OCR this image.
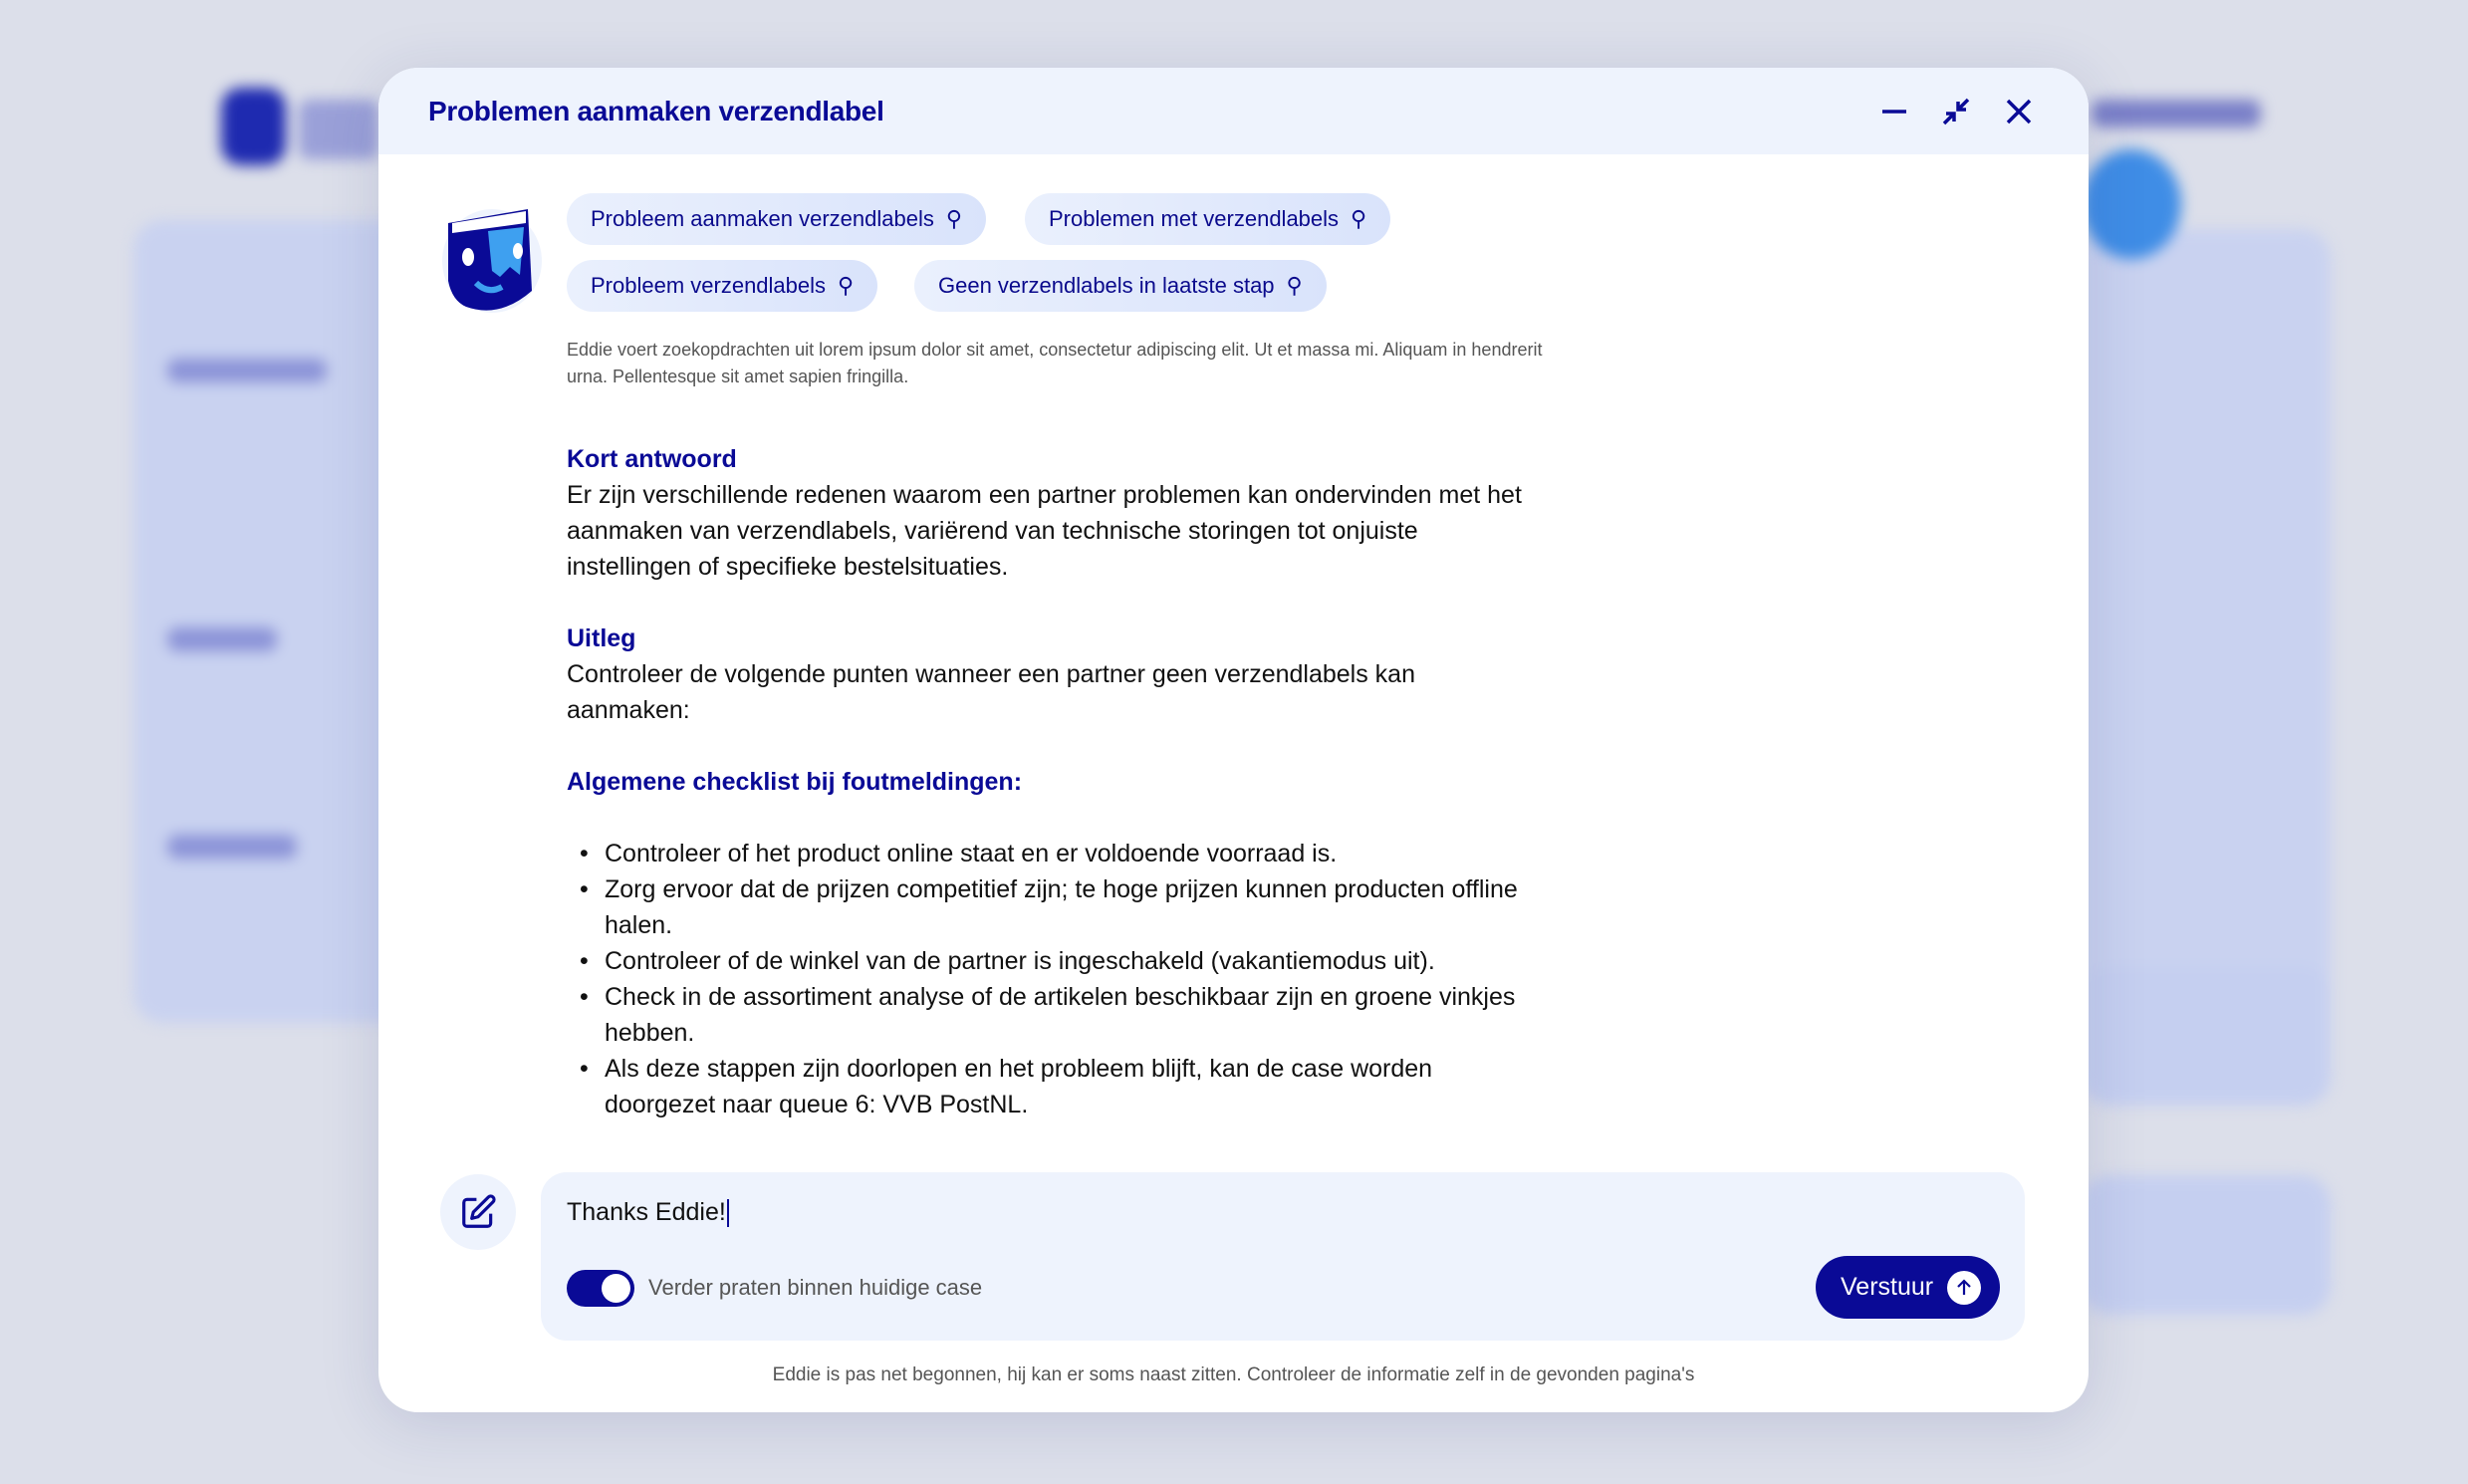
Problemen aanmaken verzendlabel
Probleem aanmaken verzendlabels ⚲	Problemen met verzendlabels ⚲
Probleem verzendlabels ⚲	Geen verzendlabels in laatste stap ⚲
Eddie voert zoekopdrachten uit lorem ipsum dolor sit amet, consectetur adipiscing elit. Ut et massa mi. Aliquam in hendrerit urna. Pellentesque sit amet sapien fringilla.
Kort antwoord

Er zijn verschillende redenen waarom een partner problemen kan ondervinden met het aanmaken van verzendlabels, variërend van technische storingen tot onjuiste instellingen of specifieke bestelsituaties.

Uitleg

Controleer de volgende punten wanneer een partner geen verzendlabels kan aanmaken:

Algemene checklist bij foutmeldingen:
• Controleer of het product online staat en er voldoende voorraad is.
• Zorg ervoor dat de prijzen competitief zijn; te hoge prijzen kunnen producten offline halen.
• Controleer of de winkel van de partner is ingeschakeld (vakantiemodus uit).
• Check in de assortiment analyse of de artikelen beschikbaar zijn en groene vinkjes hebben.
• Als deze stappen zijn doorlopen en het probleem blijft, kan de case worden doorgezet naar queue 6: VVB PostNL.
Thanks Eddie!
Verder praten binnen huidige case	Verstuur
Eddie is pas net begonnen, hij kan er soms naast zitten. Controleer de informatie zelf in de gevonden pagina's
